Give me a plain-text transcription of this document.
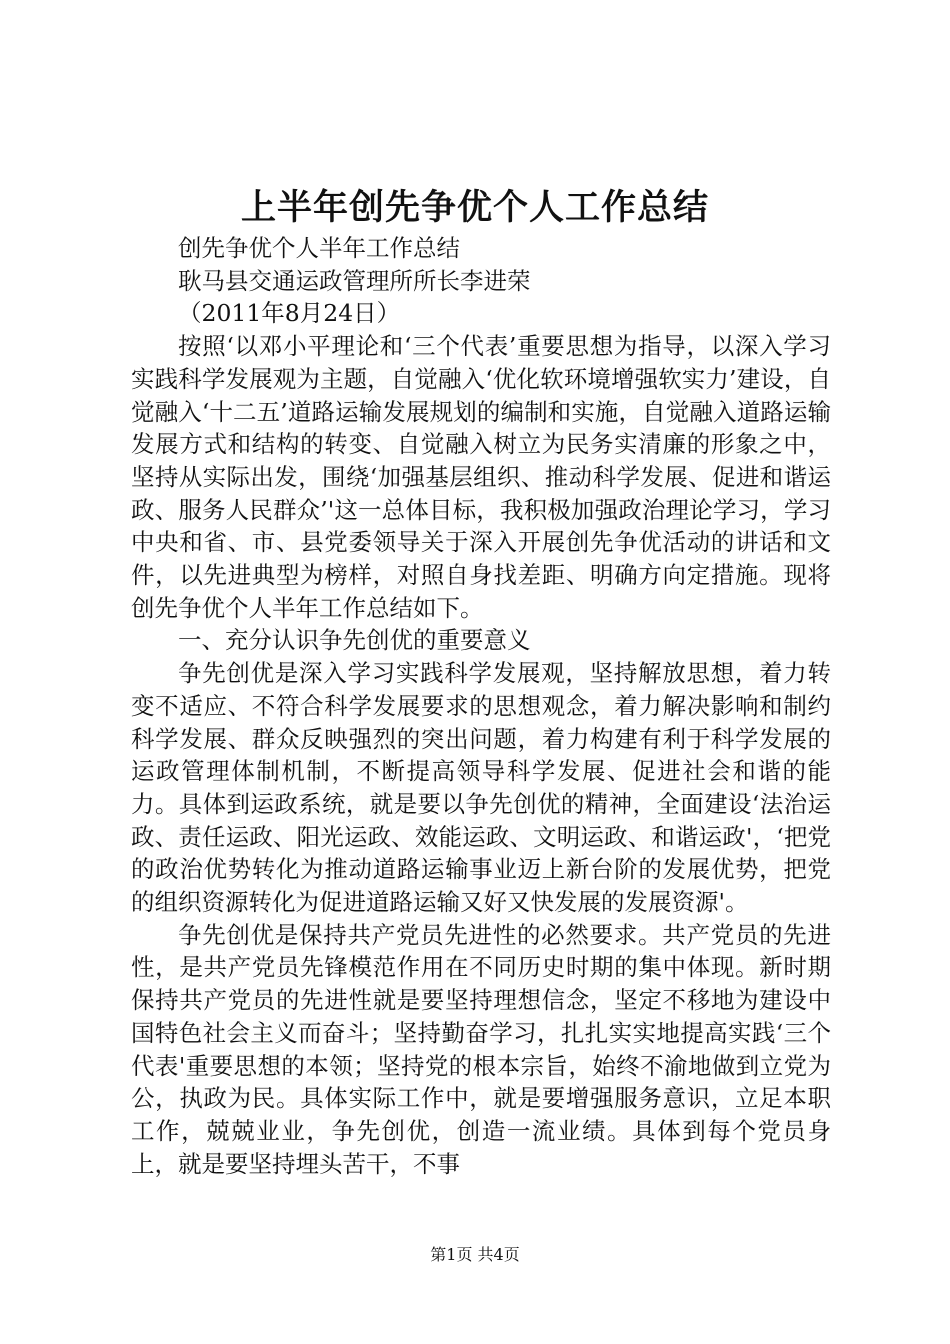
上半年创先争优个人工作总结

创先争优个人半年工作总结

耿马县交通运政管理所所长李进荣

（2011年8月24日）

按照‘以邓小平理论和‘三个代表’重要思想为指导，以深入学习实践科学发展观为主题，自觉融入‘优化软环境增强软实力’建设，自觉融入‘十二五’道路运输发展规划的编制和实施，自觉融入道路运输发展方式和结构的转变、自觉融入树立为民务实清廉的形象之中，坚持从实际出发，围绕‘加强基层组织、推动科学发展、促进和谐运政、服务人民群众’'这一总体目标，我积极加强政治理论学习，学习中央和省、市、县党委领导关于深入开展创先争优活动的讲话和文件，以先进典型为榜样，对照自身找差距、明确方向定措施。现将创先争优个人半年工作总结如下。

一、充分认识争先创优的重要意义

争先创优是深入学习实践科学发展观，坚持解放思想，着力转变不适应、不符合科学发展要求的思想观念，着力解决影响和制约科学发展、群众反映强烈的突出问题，着力构建有利于科学发展的运政管理体制机制，不断提高领导科学发展、促进社会和谐的能力。具体到运政系统，就是要以争先创优的精神，全面建设‘法治运政、责任运政、阳光运政、效能运政、文明运政、和谐运政'，‘把党的政治优势转化为推动道路运输事业迈上新台阶的发展优势，把党的组织资源转化为促进道路运输又好又快发展的发展资源'。

争先创优是保持共产党员先进性的必然要求。共产党员的先进性，是共产党员先锋模范作用在不同历史时期的集中体现。新时期保持共产党员的先进性就是要坚持理想信念，坚定不移地为建设中国特色社会主义而奋斗；坚持勤奋学习，扎扎实实地提高实践‘三个代表'重要思想的本领；坚持党的根本宗旨，始终不渝地做到立党为公，执政为民。具体实际工作中，就是要增强服务意识，立足本职工作，兢兢业业，争先创优，创造一流业绩。具体到每个党员身上，就是要坚持埋头苦干，不事

第1页 共4页
